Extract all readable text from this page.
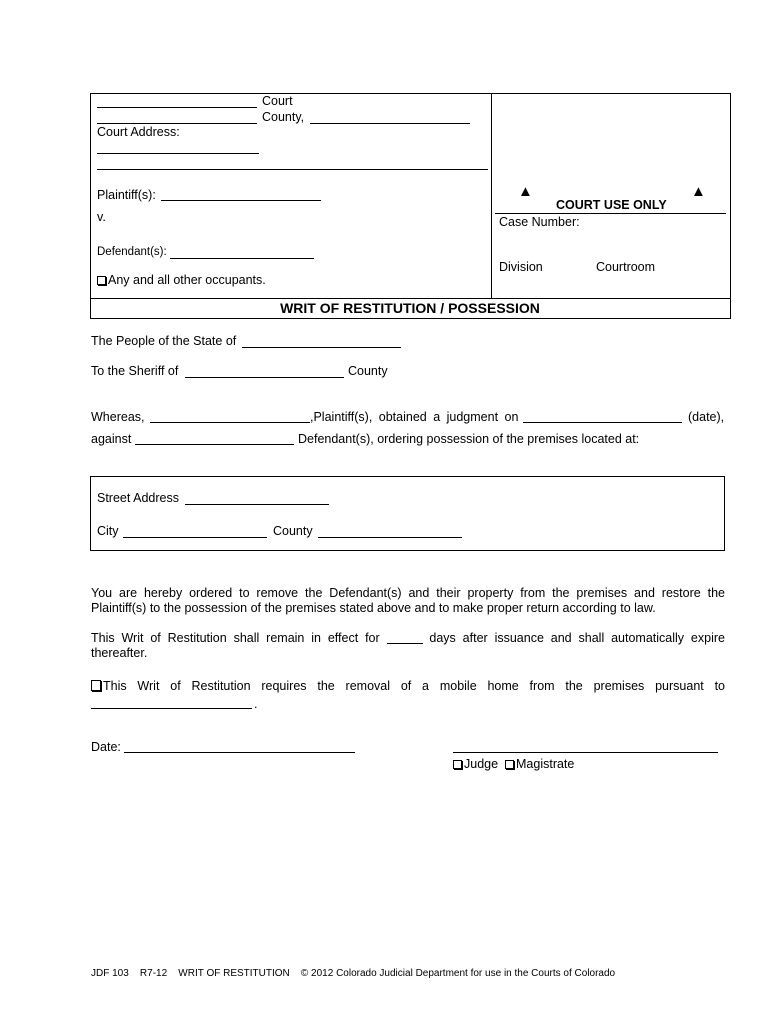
Court
County,
Court Address:
Plaintiff(s):
v.
Defendant(s):
Any and all other occupants.
▲	▲
COURT USE ONLY
Case Number:
Division	Courtroom
WRIT OF RESTITUTION / POSSESSION
The People of the State of
To the Sheriff of	County
Whereas,	,Plaintiff(s), obtained a judgment on	(date),
against	Defendant(s), ordering possession of the premises located at:
Street Address
City	County
You are hereby ordered to remove the Defendant(s) and their property from the premises and restore the Plaintiff(s) to the possession of the premises stated above and to make proper return according to law.
This Writ of Restitution shall remain in effect for	days after issuance and shall automatically expire
thereafter.
This Writ of Restitution requires the removal of a mobile home from the premises pursuant to
.
Date:
Judge	Magistrate
JDF 103 R7-12 WRIT OF RESTITUTION © 2012 Colorado Judicial Department for use in the Courts of Colorado
